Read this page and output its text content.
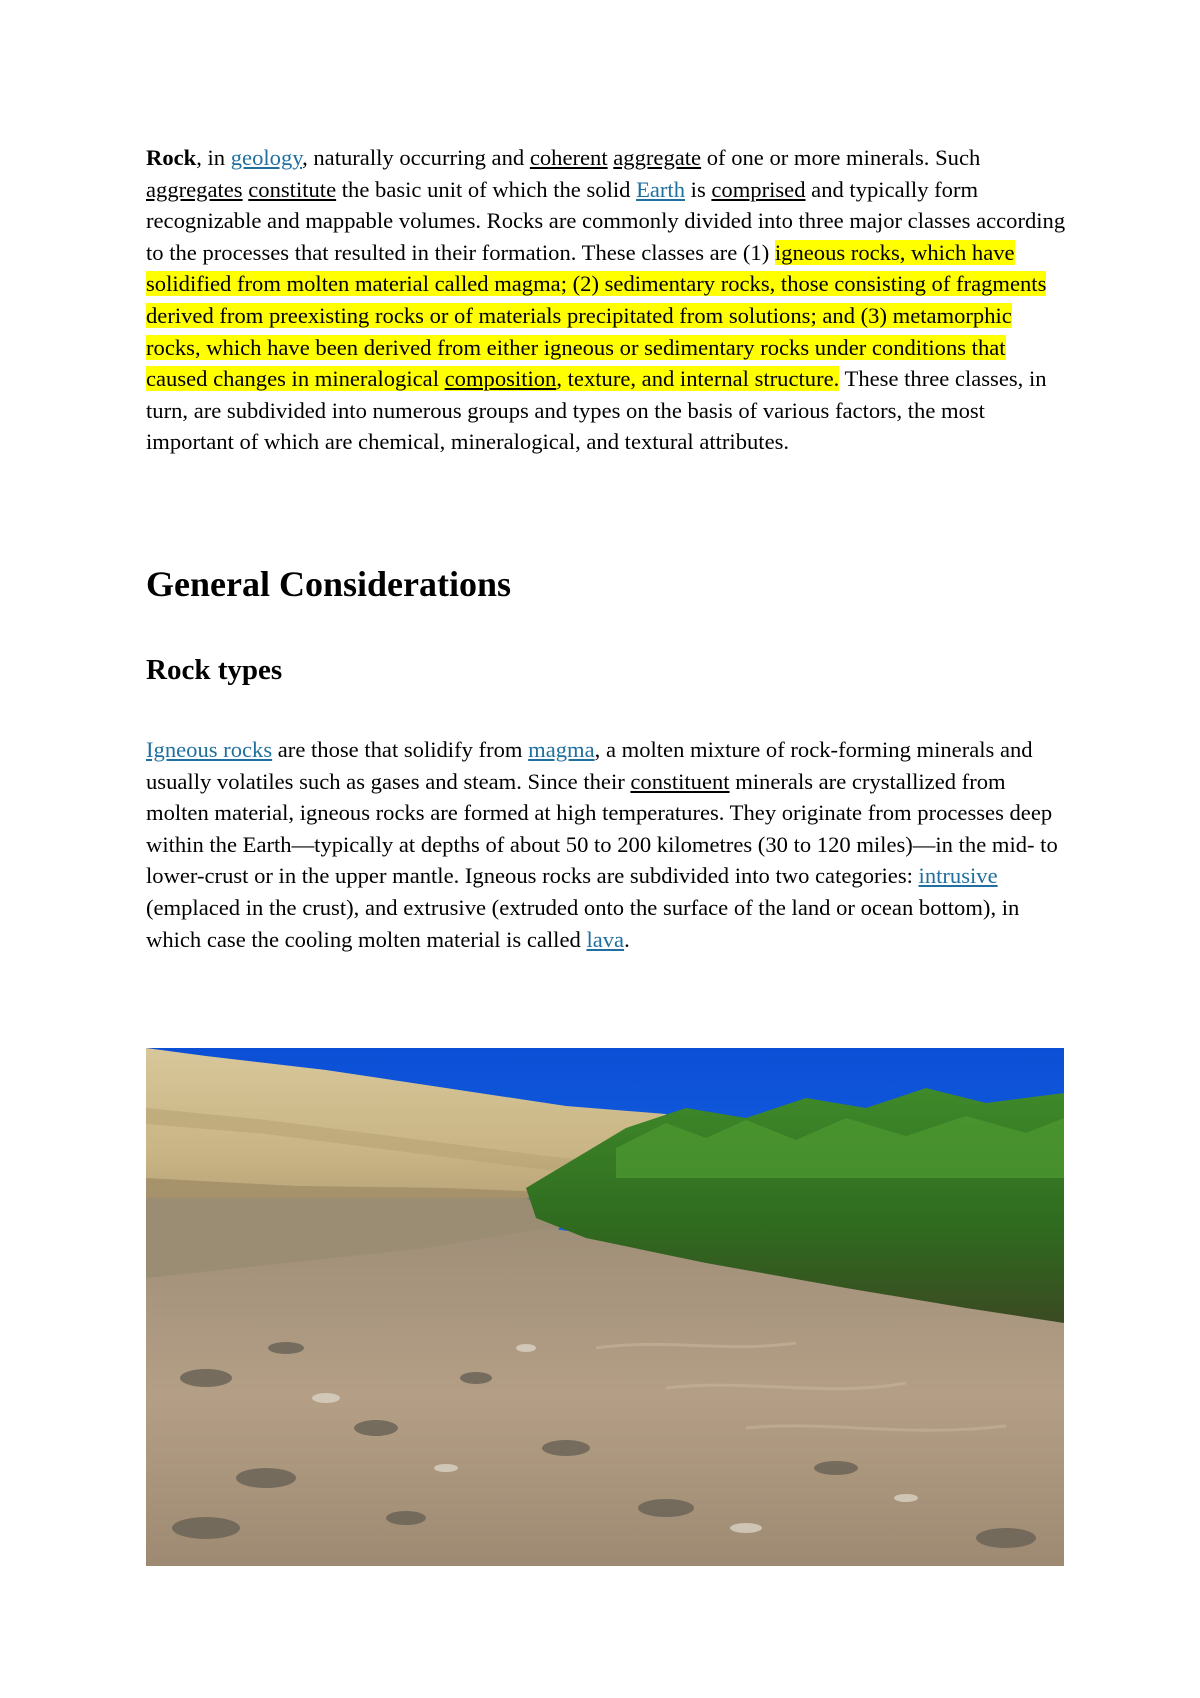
Rock, in geology, naturally occurring and coherent aggregate of one or more minerals. Such aggregates constitute the basic unit of which the solid Earth is comprised and typically form recognizable and mappable volumes. Rocks are commonly divided into three major classes according to the processes that resulted in their formation. These classes are (1) igneous rocks, which have solidified from molten material called magma; (2) sedimentary rocks, those consisting of fragments derived from preexisting rocks or of materials precipitated from solutions; and (3) metamorphic rocks, which have been derived from either igneous or sedimentary rocks under conditions that caused changes in mineralogical composition, texture, and internal structure. These three classes, in turn, are subdivided into numerous groups and types on the basis of various factors, the most important of which are chemical, mineralogical, and textural attributes.

General Considerations
Rock types

Igneous rocks are those that solidify from magma, a molten mixture of rock-forming minerals and usually volatiles such as gases and steam. Since their constituent minerals are crystallized from molten material, igneous rocks are formed at high temperatures. They originate from processes deep within the Earth—typically at depths of about 50 to 200 kilometres (30 to 120 miles)—in the mid- to lower-crust or in the upper mantle. Igneous rocks are subdivided into two categories: intrusive (emplaced in the crust), and extrusive (extruded onto the surface of the land or ocean bottom), in which case the cooling molten material is called lava.
